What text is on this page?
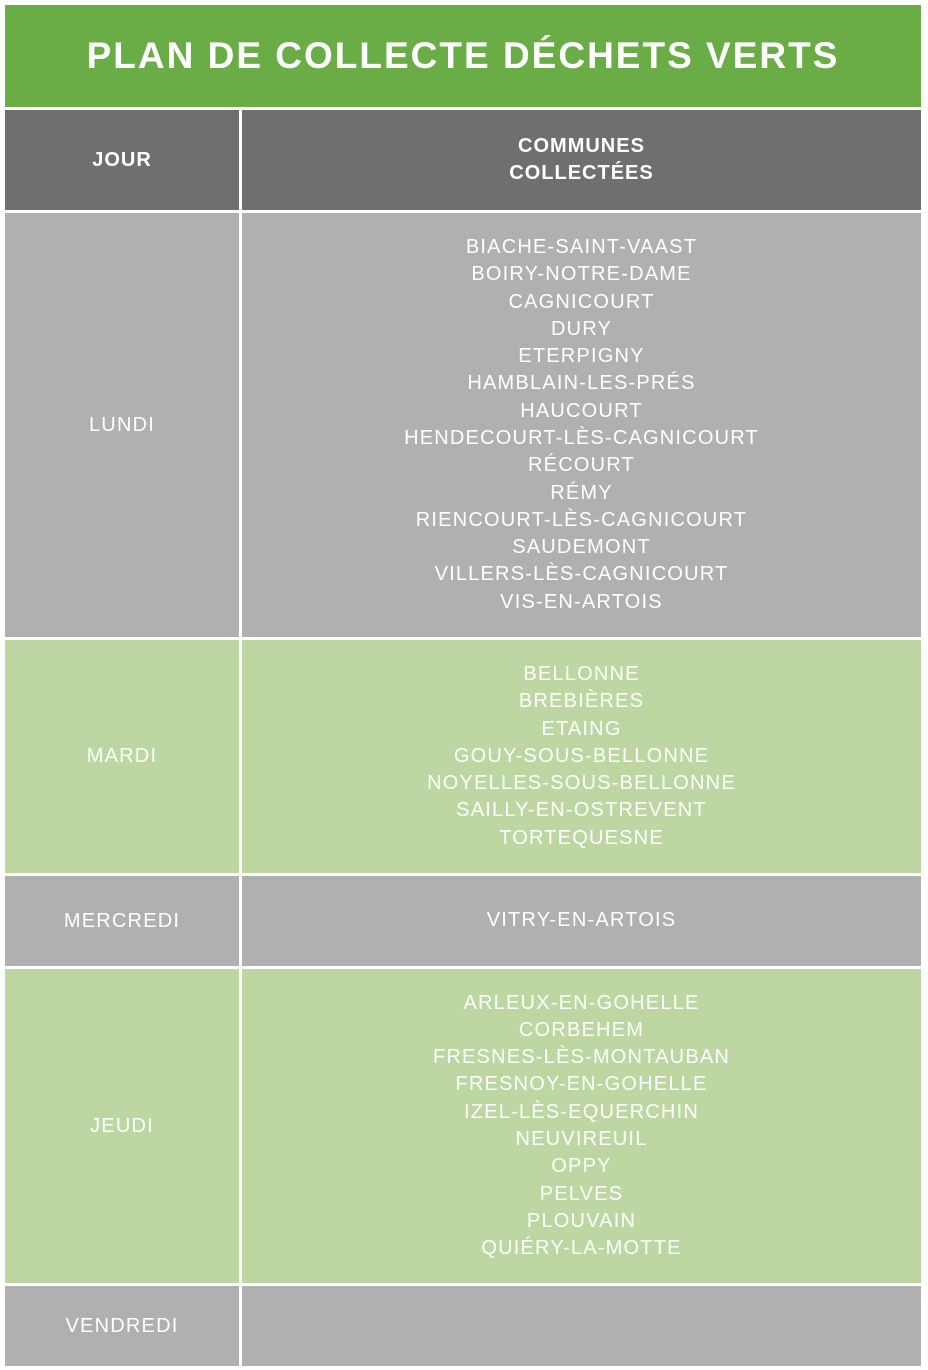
PLAN DE COLLECTE DÉCHETS VERTS
JOUR
COMMUNES
COLLECTÉES
LUNDI
BIACHE-SAINT-VAAST
BOIRY-NOTRE-DAME
CAGNICOURT
DURY
ETERPIGNY
HAMBLAIN-LES-PRÉS
HAUCOURT
HENDECOURT-LÈS-CAGNICOURT
RÉCOURT
RÉMY
RIENCOURT-LÈS-CAGNICOURT
SAUDEMONT
VILLERS-LÈS-CAGNICOURT
VIS-EN-ARTOIS
MARDI
BELLONNE
BREBIÈRES
ETAING
GOUY-SOUS-BELLONNE
NOYELLES-SOUS-BELLONNE
SAILLY-EN-OSTREVENT
TORTEQUESNE
MERCREDI	VITRY-EN-ARTOIS
JEUDI
ARLEUX-EN-GOHELLE
CORBEHEM
FRESNES-LÈS-MONTAUBAN
FRESNOY-EN-GOHELLE
IZEL-LÈS-EQUERCHIN
NEUVIREUIL
OPPY
PELVES
PLOUVAIN
QUIÉRY-LA-MOTTE
VENDREDI
